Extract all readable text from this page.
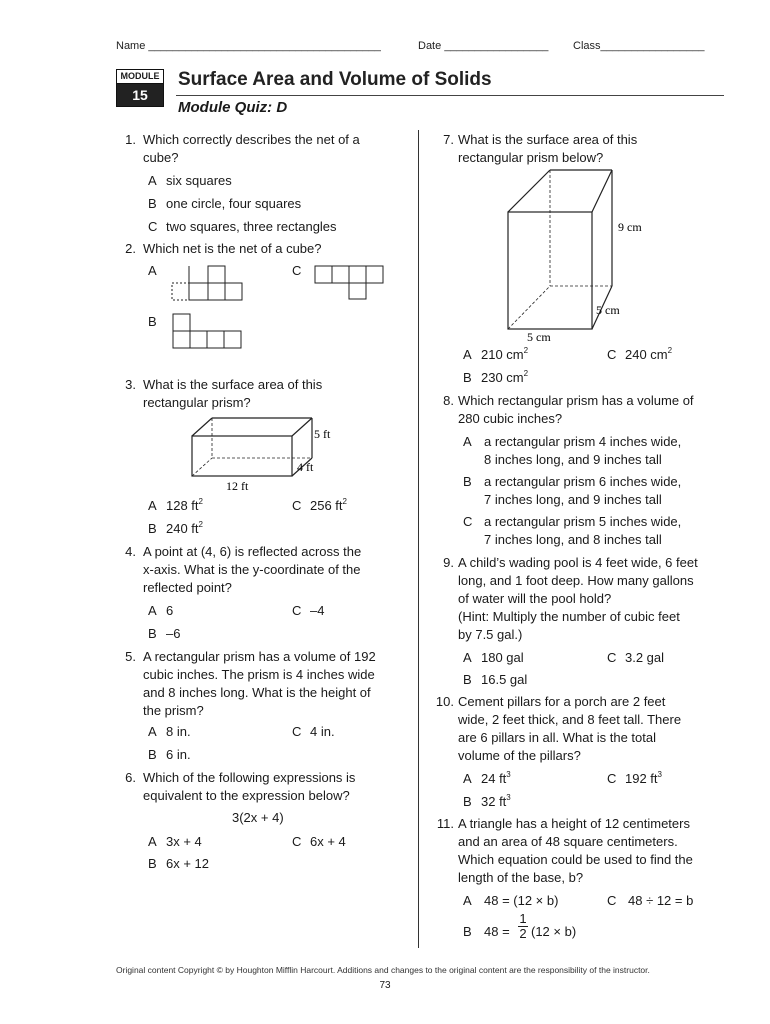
Name ______________________________________	Date _________________ Class_________________
MODULE
15
Surface Area and Volume of Solids
Module Quiz: D
1. Which correctly describes the net of a
cube?
A six squares
B one circle, four squares
C two squares, three rectangles
2. Which net is the net of a cube?
A	C
B
3. What is the surface area of this
rectangular prism?
5 ft
4 ft
12 ft
A 128 $ft^2$	C 256 $ft^2$
B 240 $ft^2$
4. A point at (4, 6) is reflected across the
x-axis. What is the y-coordinate of the
reflected point?
A 6	C –4
B –6
5. A rectangular prism has a volume of 192
cubic inches. The prism is 4 inches wide
and 8 inches long. What is the height of
the prism?
A 8 in.	C 4 in.
B 6 in.
6. Which of the following expressions is
equivalent to the expression below?
3(2x + 4)
A 3x + 4	C 6x + 4
B 6x + 12
7. What is the surface area of this
rectangular prism below?
9 cm
5 cm
5 cm
A 210 $cm^2$	C 240 $cm^2$
B 230 $cm^2$
8. Which rectangular prism has a volume of
280 cubic inches?
A a rectangular prism 4 inches wide,
8 inches long, and 9 inches tall
B a rectangular prism 6 inches wide,
7 inches long, and 9 inches tall
C a rectangular prism 5 inches wide,
7 inches long, and 8 inches tall
9. A child’s wading pool is 4 feet wide, 6 feet
long, and 1 foot deep. How many gallons
of water will the pool hold?
(Hint: Multiply the number of cubic feet
by 7.5 gal.)
A 180 gal	C 3.2 gal
B 16.5 gal
10. Cement pillars for a porch are 2 feet
wide, 2 feet thick, and 8 feet tall. There
are 6 pillars in all. What is the total
volume of the pillars?
A 24 $ft^3$	C 192 $ft^3$
B 32 $ft^3$
11. A triangle has a height of 12 centimeters
and an area of 48 square centimeters.
Which equation could be used to find the
length of the base, b?
A 48 = (12 × b)	C 48 ÷ 12 = b
B $48 = \frac{1}{2} (12 \times b)$
Original content Copyright © by Houghton Mifflin Harcourt. Additions and changes to the original content are the responsibility of the instructor.
73
